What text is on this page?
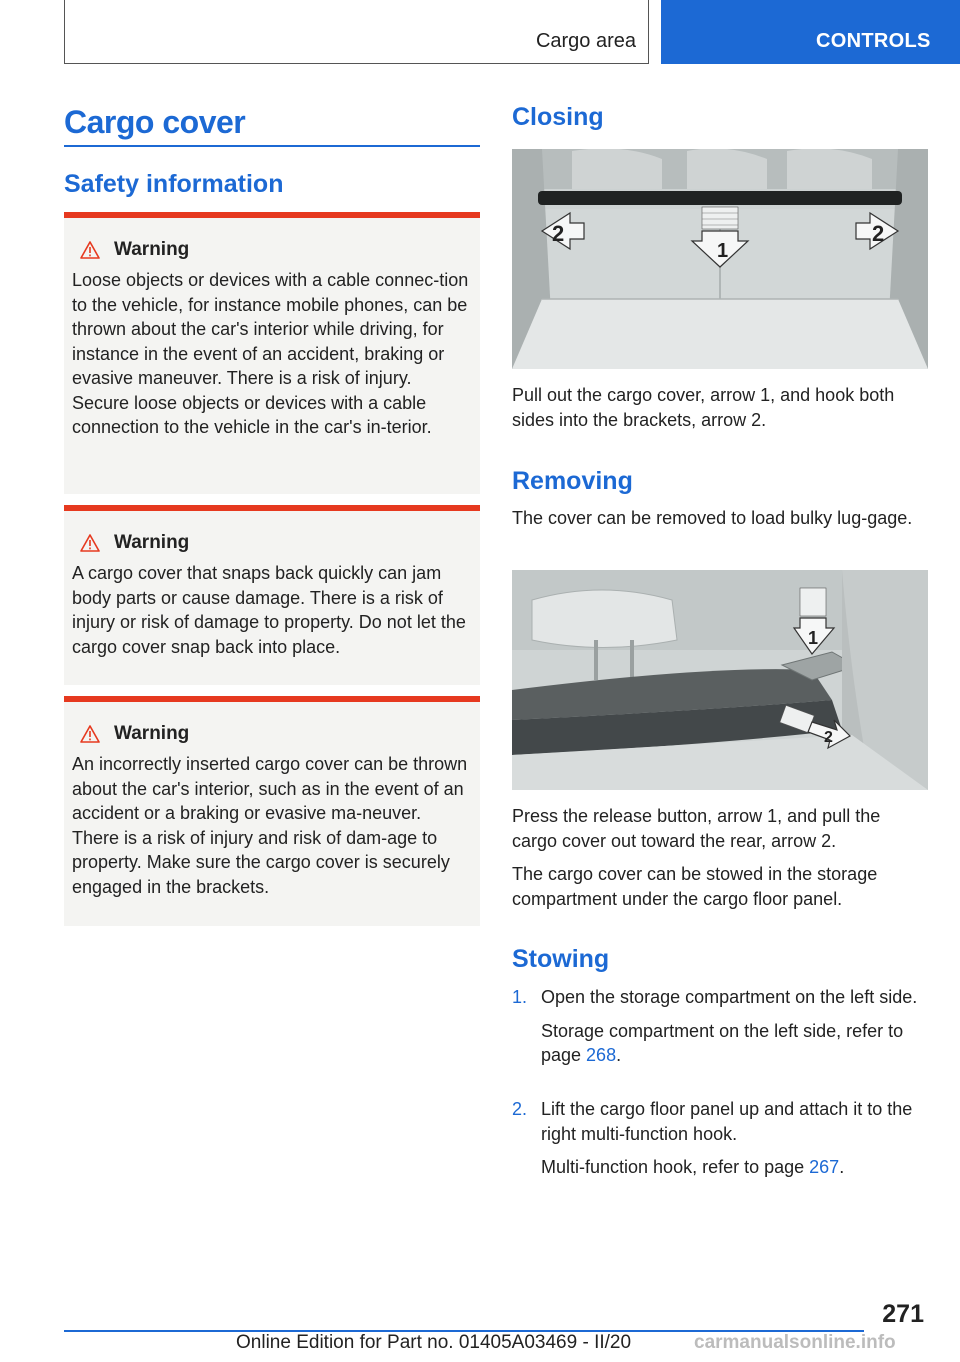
Cargo area	CONTROLS
Cargo cover
Safety information
Warning
Loose objects or devices with a cable connec‐tion to the vehicle, for instance mobile phones, can be thrown about the car's interior while driving, for instance in the event of an accident, braking or evasive maneuver. There is a risk of injury. Secure loose objects or devices with a cable connection to the vehicle in the car's in‐terior.
Warning
A cargo cover that snaps back quickly can jam body parts or cause damage. There is a risk of injury or risk of damage to property. Do not let the cargo cover snap back into place.
Warning
An incorrectly inserted cargo cover can be thrown about the car's interior, such as in the event of an accident or a braking or evasive ma‐neuver. There is a risk of injury and risk of dam‐age to property. Make sure the cargo cover is securely engaged in the brackets.
Closing
1
2	2
Pull out the cargo cover, arrow 1, and hook both sides into the brackets, arrow 2.
Removing
The cover can be removed to load bulky lug‐gage.
1
2
Press the release button, arrow 1, and pull the cargo cover out toward the rear, arrow 2.
The cargo cover can be stowed in the storage compartment under the cargo floor panel.
Stowing
1. Open the storage compartment on the left side.
Storage compartment on the left side, refer to page 268.
2. Lift the cargo floor panel up and attach it to the right multi-function hook.
Multi-function hook, refer to page 267.
271
Online Edition for Part no. 01405A03469 - II/20	carmanualsonline.info
